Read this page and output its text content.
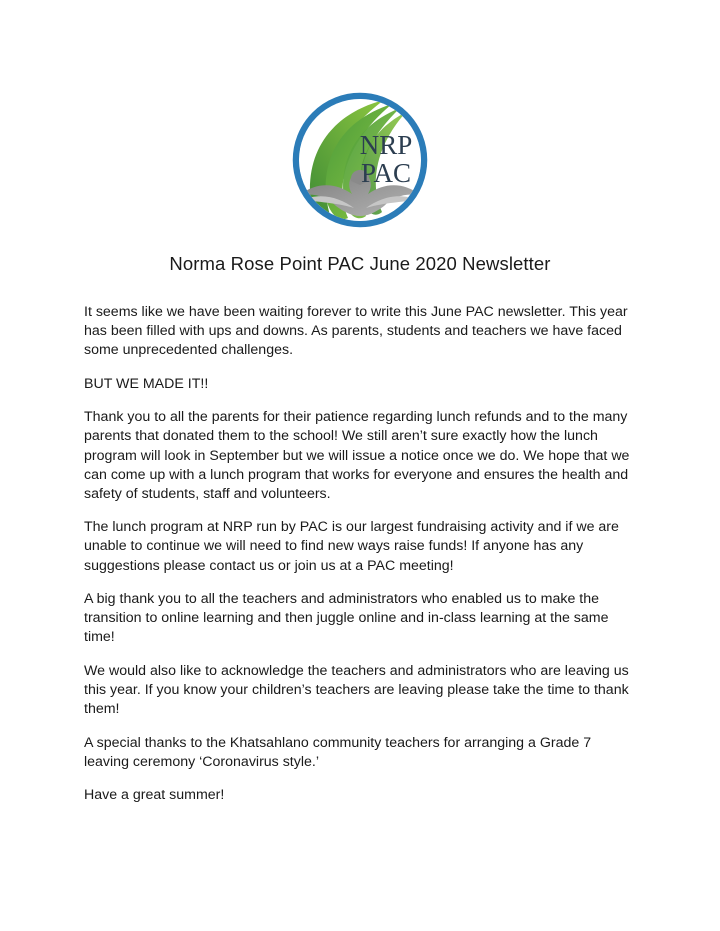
NRP
PAC
Norma Rose Point PAC June 2020 Newsletter

It seems like we have been waiting forever to write this June PAC newsletter. This year has been filled with ups and downs. As parents, students and teachers we have faced some unprecedented challenges.

BUT WE MADE IT!!

Thank you to all the parents for their patience regarding lunch refunds and to the many parents that donated them to the school! We still aren’t sure exactly how the lunch program will look in September but we will issue a notice once we do. We hope that we can come up with a lunch program that works for everyone and ensures the health and safety of students, staff and volunteers.

The lunch program at NRP run by PAC is our largest fundraising activity and if we are unable to continue we will need to find new ways raise funds! If anyone has any suggestions please contact us or join us at a PAC meeting!

A big thank you to all the teachers and administrators who enabled us to make the transition to online learning and then juggle online and in-class learning at the same time!

We would also like to acknowledge the teachers and administrators who are leaving us this year. If you know your children’s teachers are leaving please take the time to thank them!

A special thanks to the Khatsahlano community teachers for arranging a Grade 7 leaving ceremony ‘Coronavirus style.’

Have a great summer!
